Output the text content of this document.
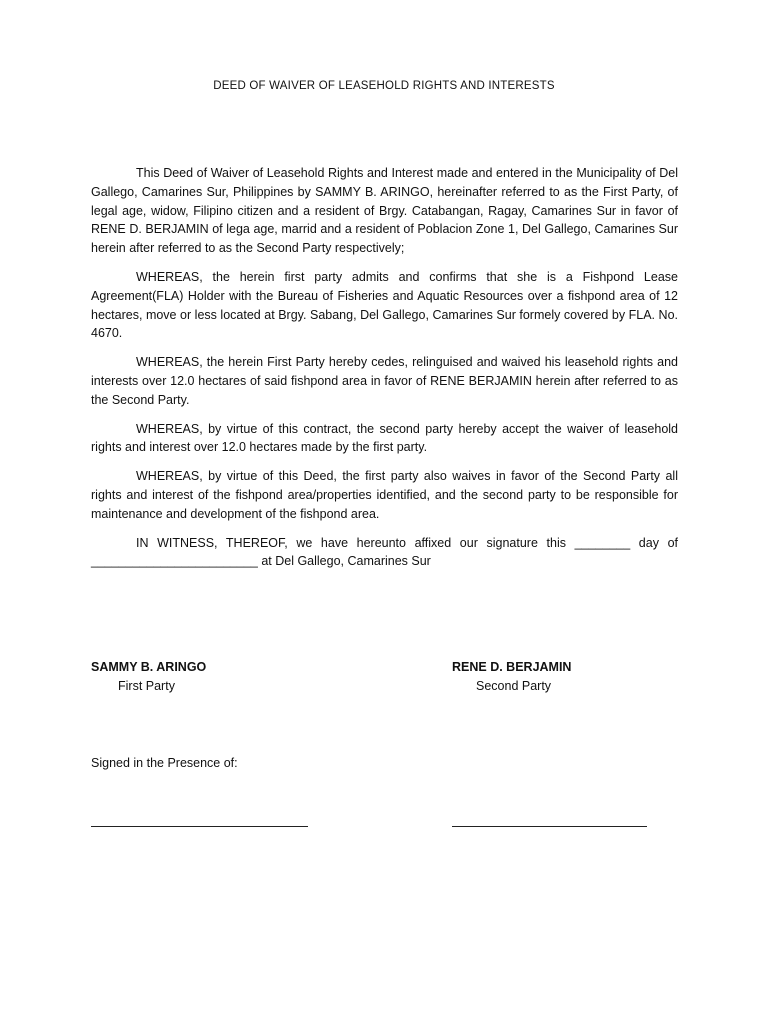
DEED OF WAIVER OF LEASEHOLD RIGHTS AND INTERESTS

This Deed of Waiver of Leasehold Rights and Interest made and entered in the Municipality of Del Gallego, Camarines Sur, Philippines by SAMMY B. ARINGO, hereinafter referred to as the First Party, of legal age, widow, Filipino citizen and a resident of Brgy. Catabangan, Ragay, Camarines Sur in favor of RENE D. BERJAMIN of lega age, marrid and a resident of Poblacion Zone 1, Del Gallego, Camarines Sur herein after referred to as the Second Party respectively;

WHEREAS, the herein first party admits and confirms that she is a Fishpond Lease Agreement(FLA) Holder with the Bureau of Fisheries and Aquatic Resources over a fishpond area of 12 hectares, move or less located at Brgy. Sabang, Del Gallego, Camarines Sur formely covered by FLA. No. 4670.

WHEREAS, the herein First Party hereby cedes, relinguised and waived his leasehold rights and interests over 12.0 hectares of said fishpond area in favor of RENE BERJAMIN herein after referred to as the Second Party.

WHEREAS, by virtue of this contract, the second party hereby accept the waiver of leasehold rights and interest over 12.0 hectares made by the first party.

WHEREAS, by virtue of this Deed, the first party also waives in favor of the Second Party all rights and interest of the fishpond area/properties identified, and the second party to be responsible for maintenance and development of the fishpond area.

IN WITNESS, THEREOF, we have hereunto affixed our signature this ________ day of ________________________ at Del Gallego, Camarines Sur

SAMMY B. ARINGO
First Party
RENE D. BERJAMIN
Second Party
Signed in the Presence of:
